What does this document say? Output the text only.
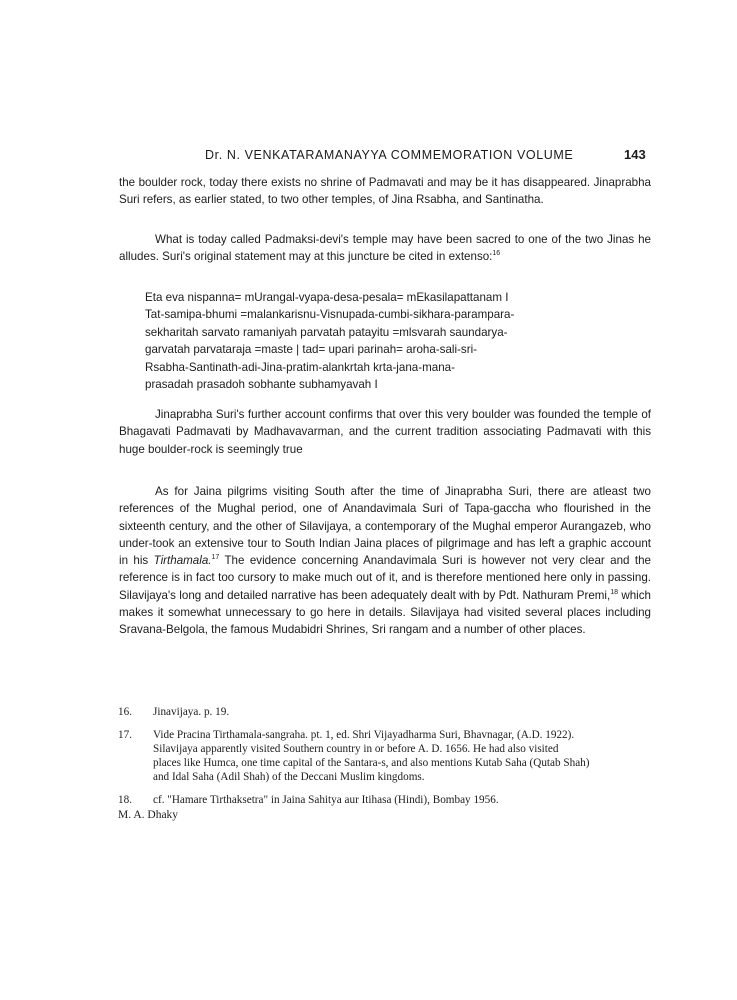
Dr. N. VENKATARAMANAYYA COMMEMORATION VOLUME	143

the boulder rock, today there exists no shrine of Padmavati and may be it has disappeared. Jinaprabha Suri refers, as earlier stated, to two other temples, of Jina Rsabha, and Santinatha.

What is today called Padmaksi-devi's temple may have been sacred to one of the two Jinas he alludes. Suri's original statement may at this juncture be cited in extenso:$^{16}$

Eta eva nispanna= mUrangal-vyapa-desa-pesala= mEkasilapattanam I
Tat-samipa-bhumi =malankarisnu-Visnupada-cumbi-sikhara-parampara-
sekharitah sarvato ramaniyah parvatah patayitu =mlsvarah saundarya-
garvatah parvataraja =maste | tad= upari parinah= aroha-sali-sri-
Rsabha-Santinath-adi-Jina-pratim-alankrtah krta-jana-mana-
prasadah prasadoh sobhante subhamyavah I

Jinaprabha Suri's further account confirms that over this very boulder was founded the temple of Bhagavati Padmavati by Madhavavarman, and the current tradition associating Padmavati with this huge boulder-rock is seemingly true

As for Jaina pilgrims visiting South after the time of Jinaprabha Suri, there are atleast two references of the Mughal period, one of Anandavimala Suri of Tapa-gaccha who flourished in the sixteenth century, and the other of Silavijaya, a contemporary of the Mughal emperor Aurangazeb, who under-took an extensive tour to South Indian Jaina places of pilgrimage and has left a graphic account in his Tirthamala.$^{17}$ The evidence concerning Anandavimala Suri is however not very clear and the reference is in fact too cursory to make much out of it, and is therefore mentioned here only in passing. Silavijaya's long and detailed narrative has been adequately dealt with by Pdt. Nathuram Premi,$^{18}$ which makes it somewhat unnecessary to go here in details. Silavijaya had visited several places including Sravana-Belgola, the famous Mudabidri Shrines, Sri rangam and a number of other places.

16.	Jinavijaya. p. 19.
17.	Vide Pracina Tirthamala-sangraha. pt. 1, ed. Shri Vijayadharma Suri, Bhavnagar, (A.D. 1922).
Silavijaya apparently visited Southern country in or before A. D. 1656. He had also visited
places like Humca, one time capital of the Santara-s, and also mentions Kutab Saha (Qutab Shah)
and Idal Saha (Adil Shah) of the Deccani Muslim kingdoms.
18.	cf. "Hamare Tirthaksetra" in Jaina Sahitya aur Itihasa (Hindi), Bombay 1956.
M. A. Dhaky
